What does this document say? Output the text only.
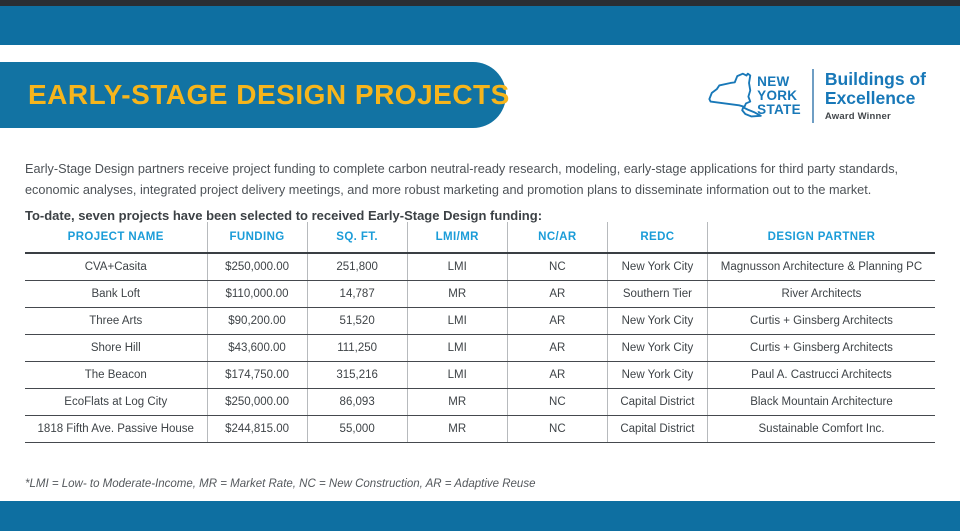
EARLY-STAGE DESIGN PROJECTS	NEW
YORK
STATE
Buildings of
Excellence
Award Winner

Early-Stage Design partners receive project funding to complete carbon neutral-ready research, modeling, early-stage applications for third party standards, economic analyses, integrated project delivery meetings, and more robust marketing and promotion plans to disseminate information out to the market.

To-date, seven projects have been selected to received Early-Stage Design funding:

PROJECT NAME	FUNDING	SQ. FT.	LMI/MR	NC/AR	REDC	DESIGN PARTNER
CVA+Casita	$250,000.00	251,800	LMI	NC	New York City	Magnusson Architecture & Planning PC
Bank Loft	$110,000.00	14,787	MR	AR	Southern Tier	River Architects
Three Arts	$90,200.00	51,520	LMI	AR	New York City	Curtis + Ginsberg Architects
Shore Hill	$43,600.00	111,250	LMI	AR	New York City	Curtis + Ginsberg Architects
The Beacon	$174,750.00	315,216	LMI	AR	New York City	Paul A. Castrucci Architects
EcoFlats at Log City	$250,000.00	86,093	MR	NC	Capital District	Black Mountain Architecture
1818 Fifth Ave. Passive House	$244,815.00	55,000	MR	NC	Capital District	Sustainable Comfort Inc.

*LMI = Low- to Moderate-Income, MR = Market Rate, NC = New Construction, AR = Adaptive Reuse
